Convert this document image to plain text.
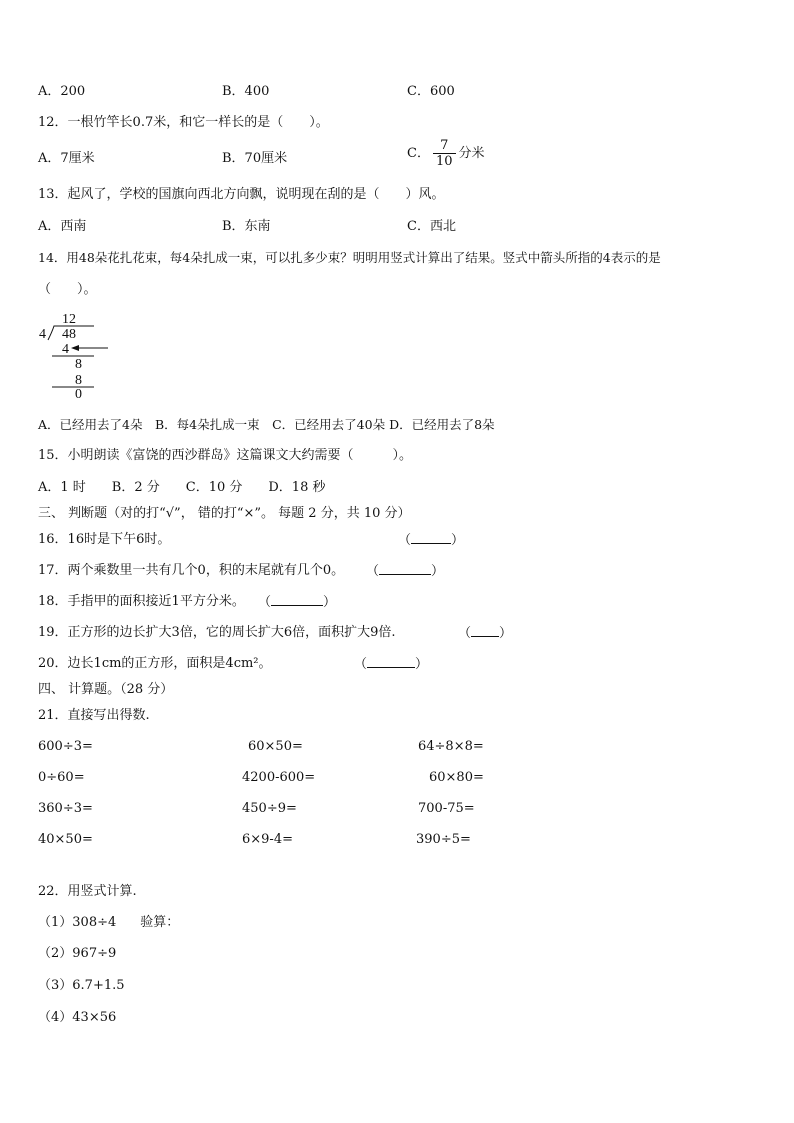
A．200	B．400	C．600
12．一根竹竿长0.7米，和它一样长的是（　　）。
A．7厘米	B．70厘米	C． $\frac{7}{10}$ 分米
13．起风了，学校的国旗向西北方向飘，说明现在刮的是（　　）风。
A．西南	B．东南	C．西北
14．用48朵花扎花束，每4朵扎成一束，可以扎多少束？明明用竖式计算出了结果。竖式中箭头所指的4表示的是
（　　）。
12
4 48
4
8
8
0
A．已经用去了4朵　B．每4朵扎成一束　C．已经用去了40朵 D．已经用去了8朵
15．小明朗读《富饶的西沙群岛》这篇课文大约需要（　　　）。
A．1 时　　B．2 分　　C．10 分　　D．18 秒
三、 判断题（对的打“√”， 错的打“×”。 每题 2 分，共 10 分）
16．16时是下午6时。	（	）
17．两个乘数里一共有几个0，积的末尾就有几个0。 （	）
18．手指甲的面积接近1平方分米。 （	）
19．正方形的边长扩大3倍，它的周长扩大6倍，面积扩大9倍.	（ ）
20．边长1cm的正方形，面积是4cm²。	（	）
四、 计算题。（28 分）
21．直接写出得数.
600÷3=	60×50=	64÷8×8=
0÷60=	4200-600=	60×80=
360÷3=	450÷9=	700-75=
40×50=	6×9-4=	390÷5=
22．用竖式计算.
（1）308÷4 验算：
（2）967÷9
（3）6.7+1.5
（4）43×56
